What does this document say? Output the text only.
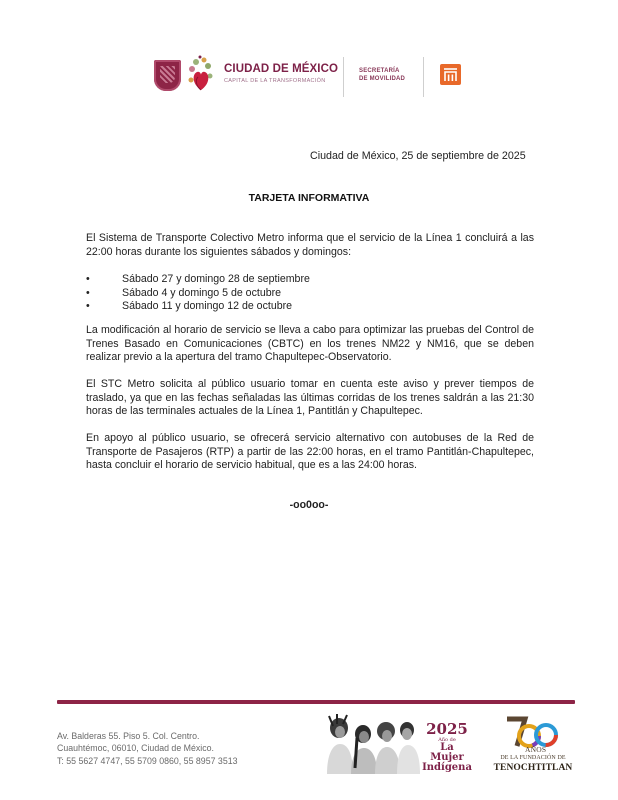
CIUDAD DE MÉXICO
CAPITAL DE LA TRANSFORMACIÓN
SECRETARÍA
DE MOVILIDAD
Ciudad de México, 25 de septiembre de 2025
TARJETA INFORMATIVA
El Sistema de Transporte Colectivo Metro informa que el servicio de la Línea 1 concluirá a las 22:00 horas durante los siguientes sábados y domingos:
•	Sábado 27 y domingo 28 de septiembre
•	Sábado 4 y domingo 5 de octubre
•	Sábado 11 y domingo 12 de octubre
La modificación al horario de servicio se lleva a cabo para optimizar las pruebas del Control de Trenes Basado en Comunicaciones (CBTC) en los trenes NM22 y NM16, que se deben realizar previo a la apertura del tramo Chapultepec-Observatorio.
El STC Metro solicita al público usuario tomar en cuenta este aviso y prever tiempos de traslado, ya que en las fechas señaladas las últimas corridas de los trenes saldrán a las 21:30 horas de las terminales actuales de la Línea 1, Pantitlán y Chapultepec.
En apoyo al público usuario, se ofrecerá servicio alternativo con autobuses de la Red de Transporte de Pasajeros (RTP) a partir de las 22:00 horas, en el tramo Pantitlán-Chapultepec, hasta concluir el horario de servicio habitual, que es a las 24:00 horas.
-oo0oo-
Av. Balderas 55. Piso 5. Col. Centro.
Cuauhtémoc, 06010, Ciudad de México.
T: 55 5627 4747, 55 5709 0860, 55 8957 3513
2025
Año de
La Mujer
Indígena
AÑOS
DE LA FUNDACIÓN DE
TENOCHTITLAN
